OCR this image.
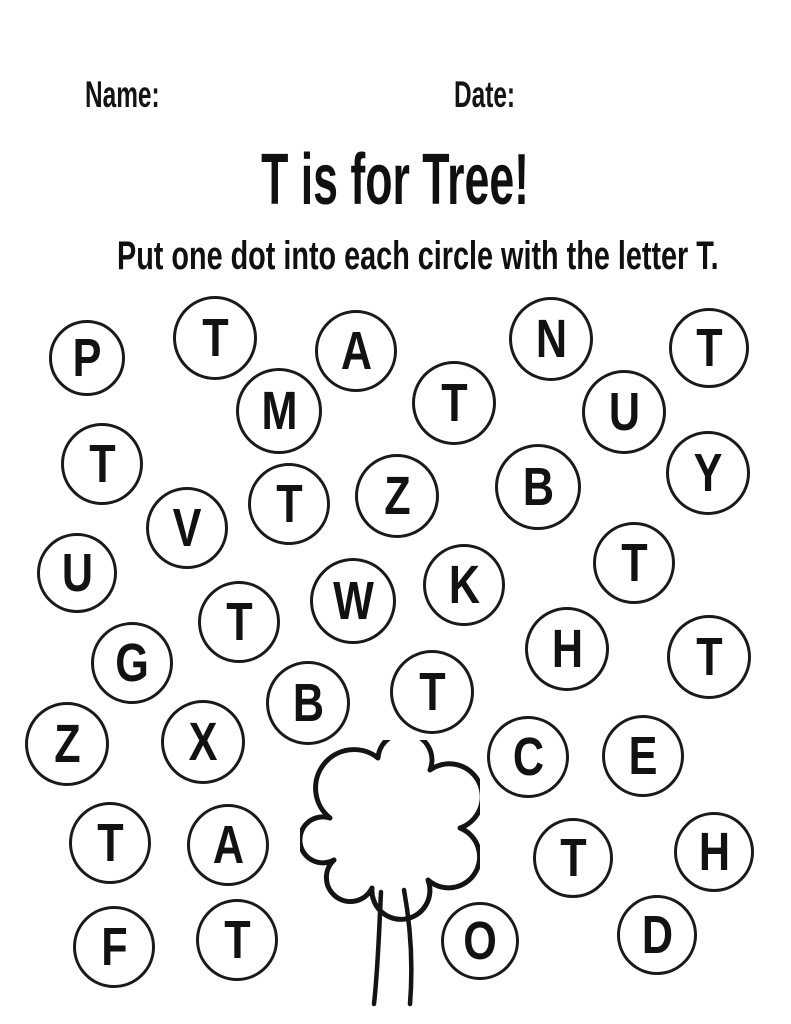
Name:	Date:
T is for Tree!
Put one dot into each circle with the letter T.
P T A	N T
M	T	U
T	Y
V T Z B
U	T
K
W
T	H
G	T
B T
Z X	C E
T A	T H
F T	O	D
